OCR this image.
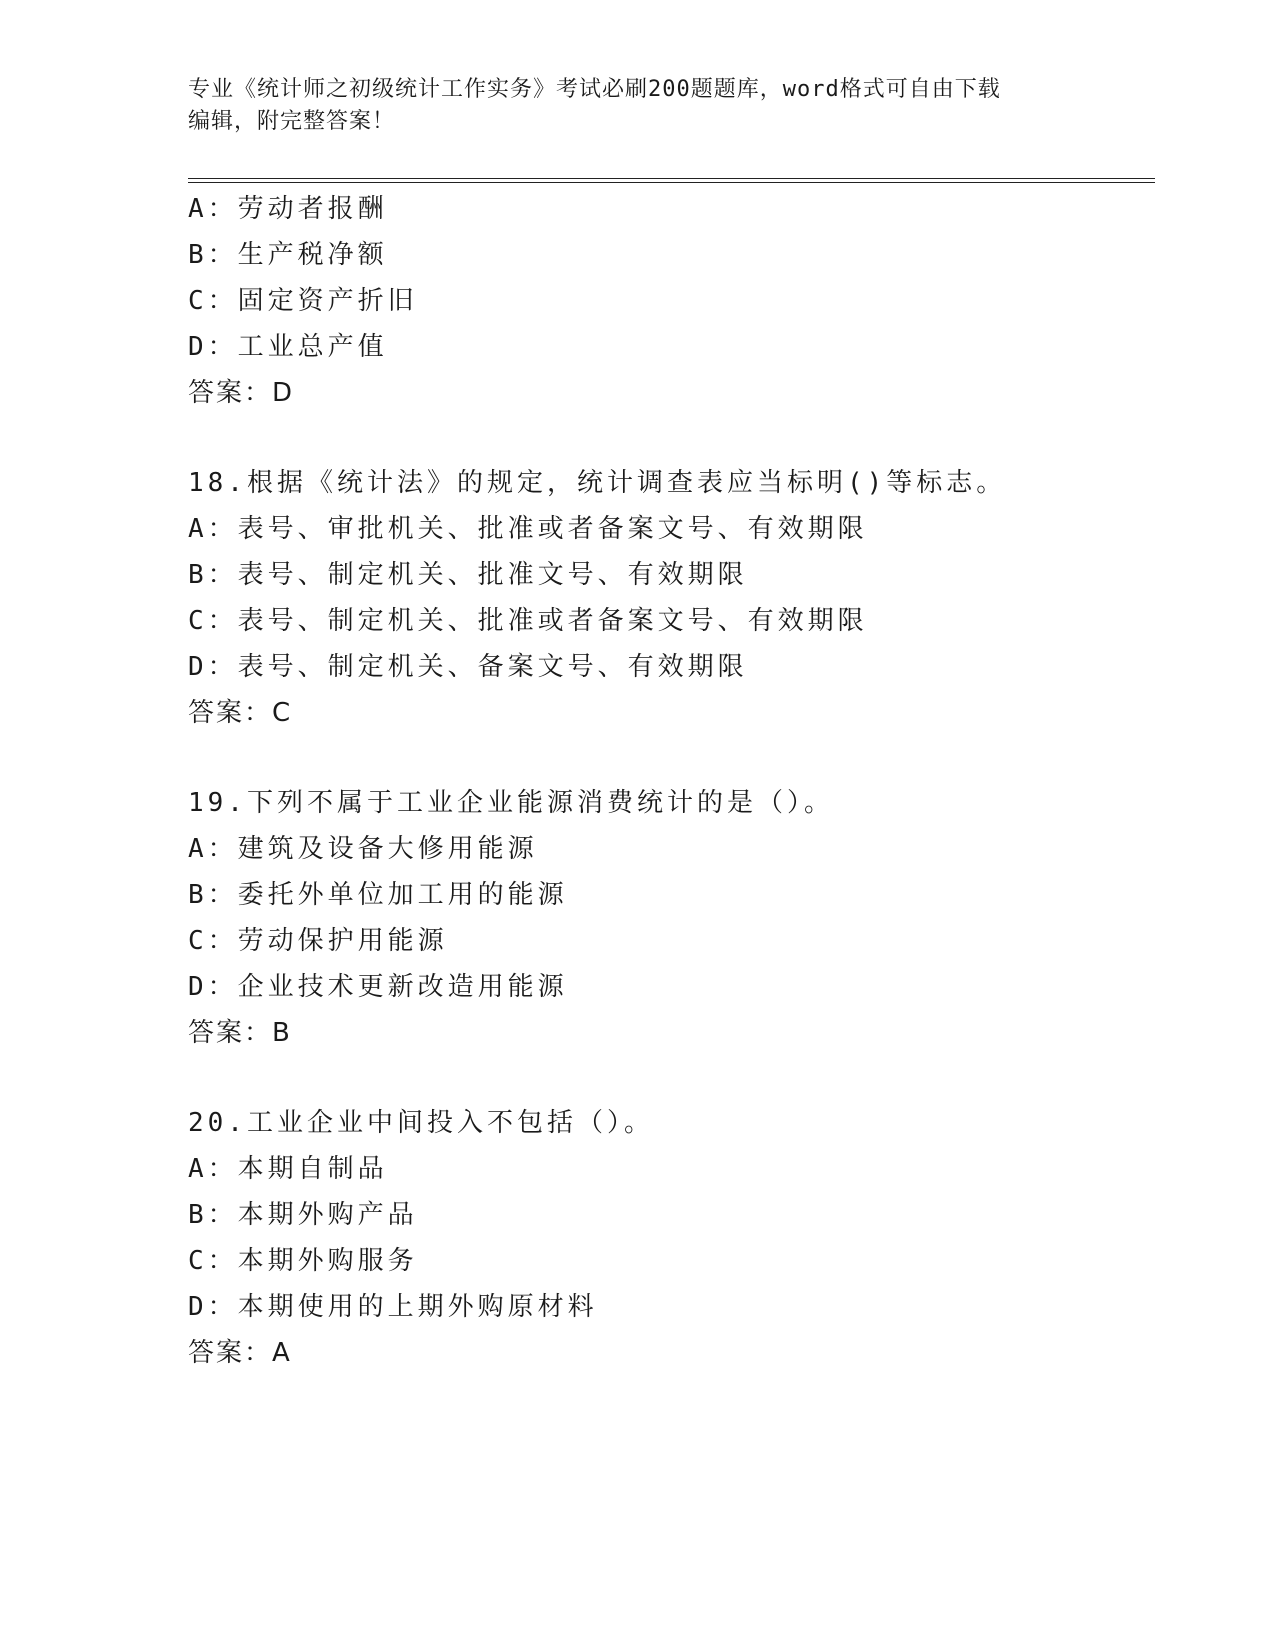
专业《统计师之初级统计工作实务》考试必刷200题题库，word格式可自由下载
编辑，附完整答案！
A：劳动者报酬
B：生产税净额
C：固定资产折旧
D：工业总产值
答案：D
18.根据《统计法》的规定，统计调查表应当标明()等标志。
A：表号、审批机关、批准或者备案文号、有效期限
B：表号、制定机关、批准文号、有效期限
C：表号、制定机关、批准或者备案文号、有效期限
D：表号、制定机关、备案文号、有效期限
答案：C
19.下列不属于工业企业能源消费统计的是（）。
A：建筑及设备大修用能源
B：委托外单位加工用的能源
C：劳动保护用能源
D：企业技术更新改造用能源
答案：B
20.工业企业中间投入不包括（）。
A：本期自制品
B：本期外购产品
C：本期外购服务
D：本期使用的上期外购原材料
答案：A
